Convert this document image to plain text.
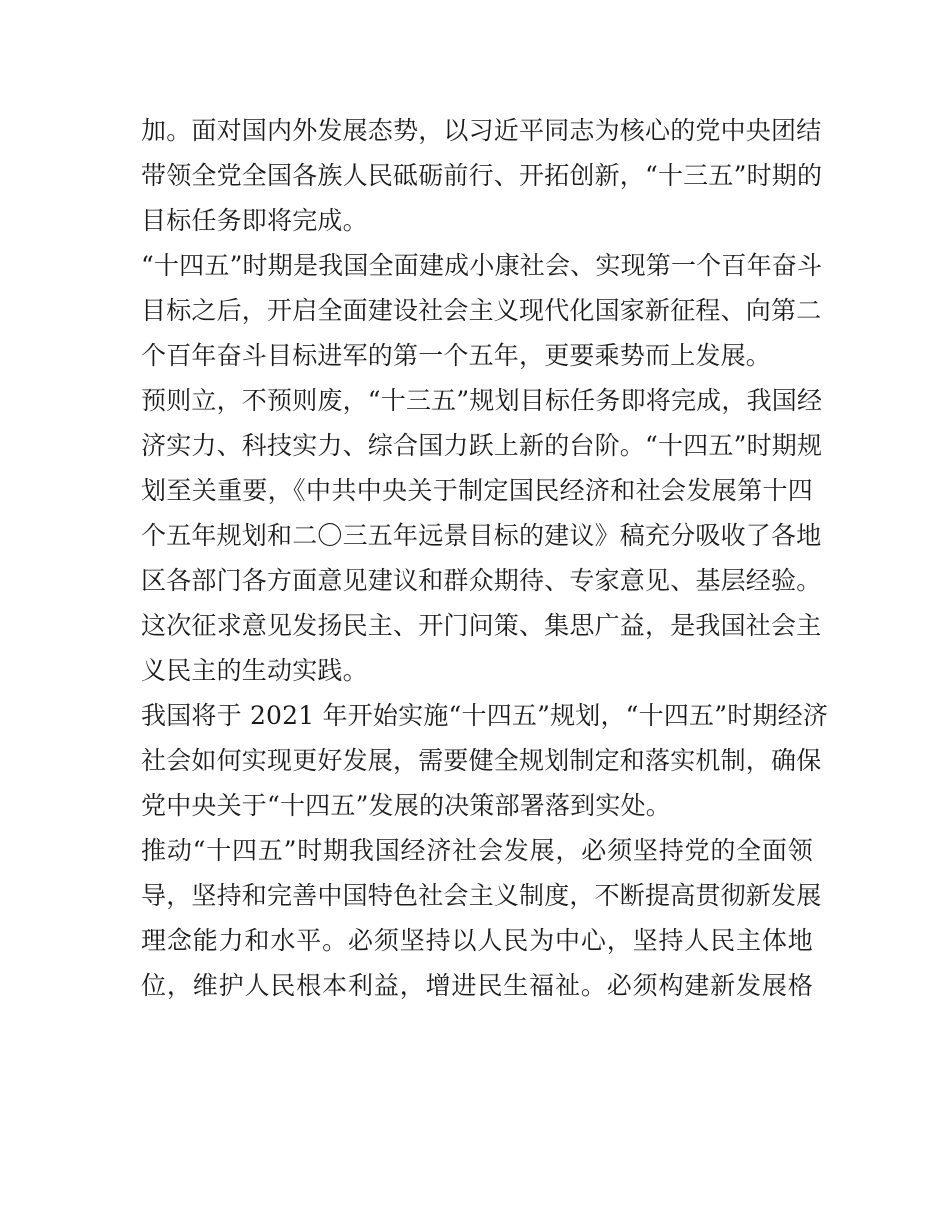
加。面对国内外发展态势，以习近平同志为核心的党中央团结
带领全党全国各族人民砥砺前行、开拓创新，“十三五”时期的
目标任务即将完成。

“十四五”时期是我国全面建成小康社会、实现第一个百年奋斗
目标之后，开启全面建设社会主义现代化国家新征程、向第二
个百年奋斗目标进军的第一个五年，更要乘势而上发展。

预则立，不预则废，“十三五”规划目标任务即将完成，我国经
济实力、科技实力、综合国力跃上新的台阶。“十四五”时期规
划至关重要，《中共中央关于制定国民经济和社会发展第十四
个五年规划和二〇三五年远景目标的建议》稿充分吸收了各地
区各部门各方面意见建议和群众期待、专家意见、基层经验。
这次征求意见发扬民主、开门问策、集思广益，是我国社会主
义民主的生动实践。

我国将于 2021 年开始实施“十四五”规划，“十四五”时期经济
社会如何实现更好发展，需要健全规划制定和落实机制，确保
党中央关于“十四五”发展的决策部署落到实处。

推动“十四五”时期我国经济社会发展，必须坚持党的全面领
导，坚持和完善中国特色社会主义制度，不断提高贯彻新发展
理念能力和水平。必须坚持以人民为中心，坚持人民主体地
位，维护人民根本利益，增进民生福祉。必须构建新发展格
